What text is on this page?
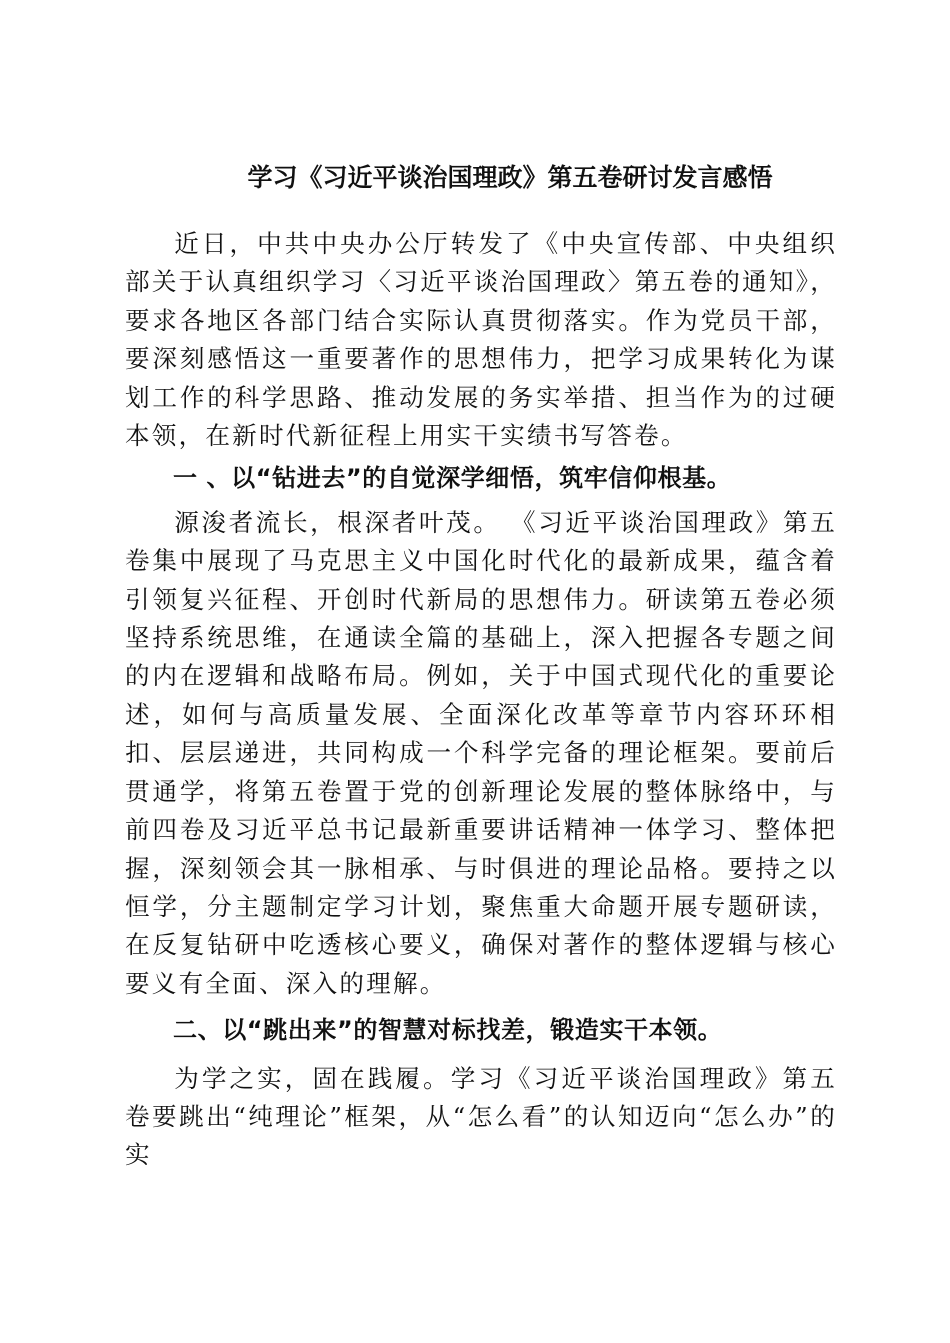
学习《习近平谈治国理政》第五卷研讨发言感悟

近日，中共中央办公厅转发了《中央宣传部、中央组织部关于认真组织学习〈习近平谈治国理政〉第五卷的通知》，要求各地区各部门结合实际认真贯彻落实。作为党员干部，要深刻感悟这一重要著作的思想伟力，把学习成果转化为谋划工作的科学思路、推动发展的务实举措、担当作为的过硬本领，在新时代新征程上用实干实绩书写答卷。

一 、以“钻进去”的自觉深学细悟，筑牢信仰根基。

源浚者流长，根深者叶茂。 《习近平谈治国理政》第五卷集中展现了马克思主义中国化时代化的最新成果，蕴含着引领复兴征程、开创时代新局的思想伟力。研读第五卷必须坚持系统思维，在通读全篇的基础上，深入把握各专题之间的内在逻辑和战略布局。例如，关于中国式现代化的重要论述，如何与高质量发展、全面深化改革等章节内容环环相扣、层层递进，共同构成一个科学完备的理论框架。要前后贯通学，将第五卷置于党的创新理论发展的整体脉络中，与前四卷及习近平总书记最新重要讲话精神一体学习、整体把握，深刻领会其一脉相承、与时俱进的理论品格。要持之以恒学，分主题制定学习计划，聚焦重大命题开展专题研读，在反复钻研中吃透核心要义，确保对著作的整体逻辑与核心要义有全面、深入的理解。

二、以“跳出来”的智慧对标找差，锻造实干本领。

为学之实，固在践履。学习《习近平谈治国理政》第五卷要跳出“纯理论”框架，从“怎么看”的认知迈向“怎么办”的实
